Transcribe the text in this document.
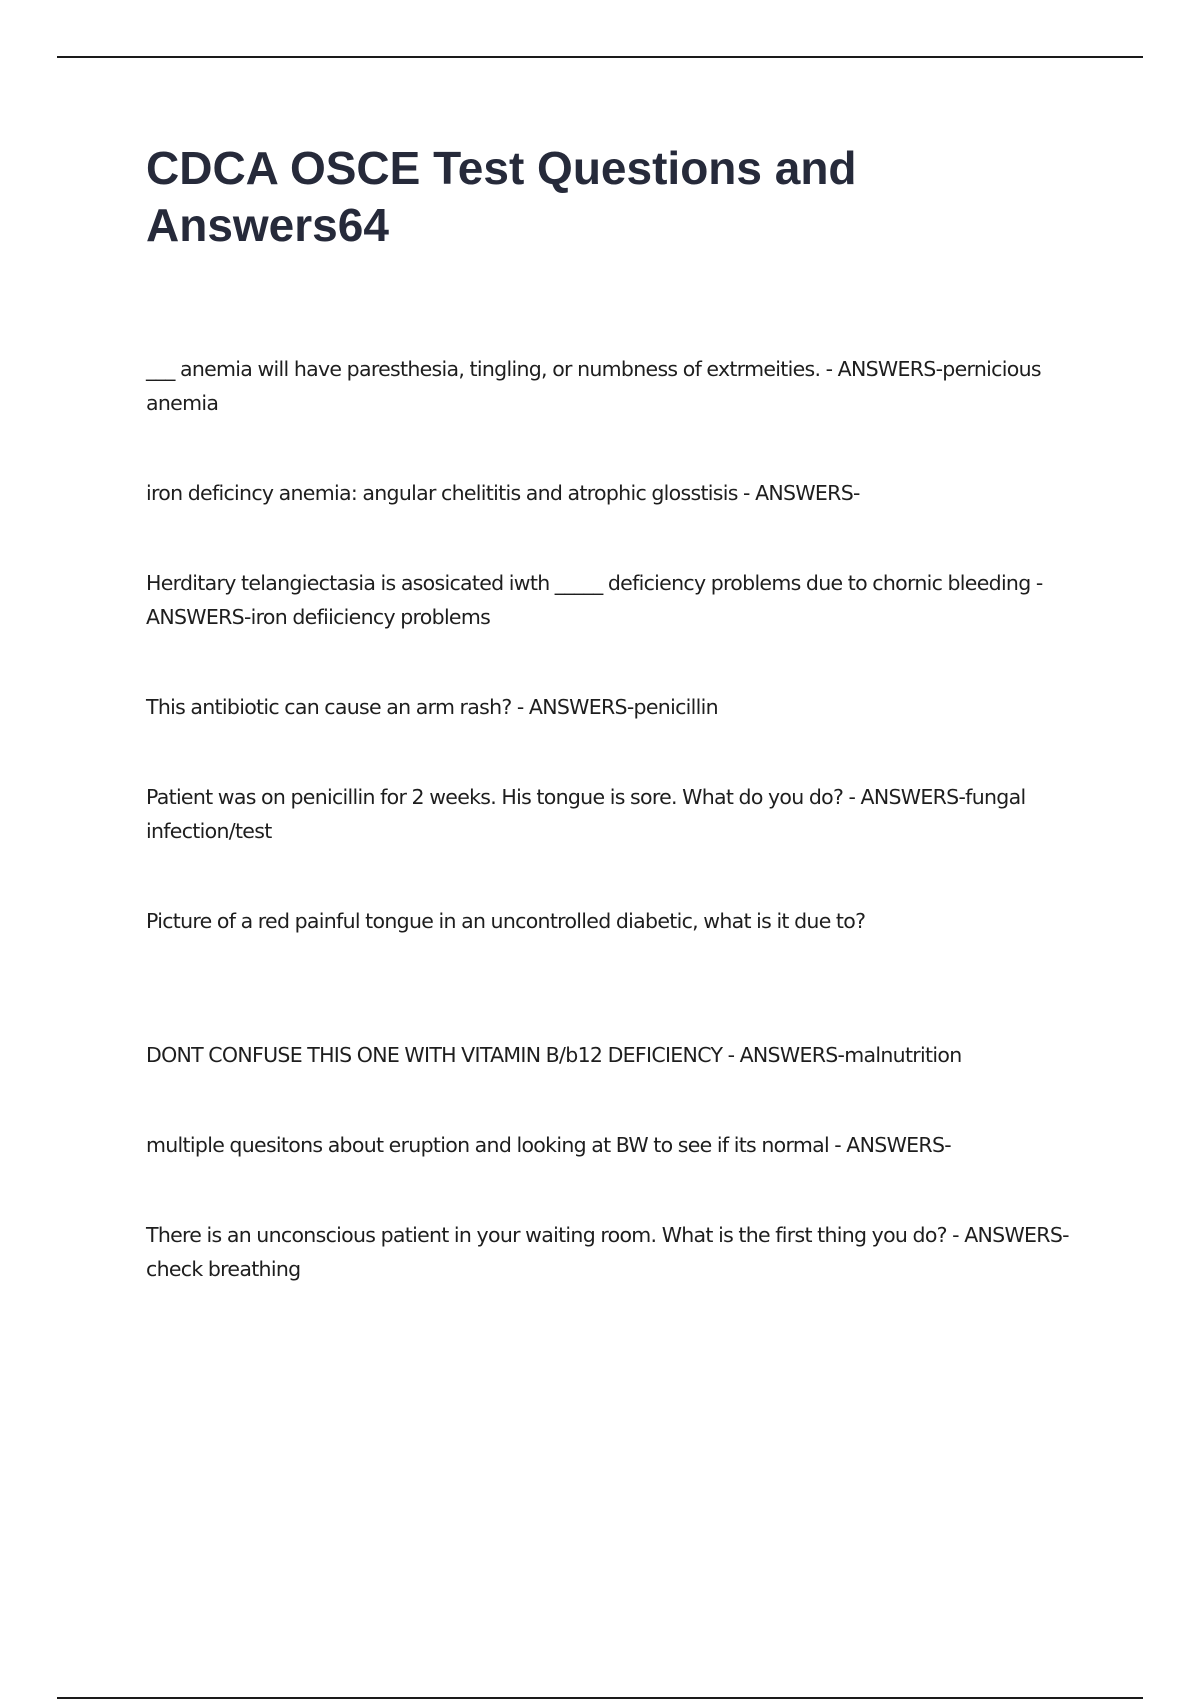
CDCA OSCE Test Questions and Answers64

___ anemia will have paresthesia, tingling, or numbness of extrmeities. - ANSWERS-pernicious anemia

iron deficincy anemia: angular chelititis and atrophic glosstisis - ANSWERS-

Herditary telangiectasia is asosicated iwth _____ deficiency problems due to chornic bleeding - ANSWERS-iron defiiciency problems

This antibiotic can cause an arm rash? - ANSWERS-penicillin

Patient was on penicillin for 2 weeks. His tongue is sore. What do you do? - ANSWERS-fungal infection/test

Picture of a red painful tongue in an uncontrolled diabetic, what is it due to?

DONT CONFUSE THIS ONE WITH VITAMIN B/b12 DEFICIENCY - ANSWERS-malnutrition

multiple quesitons about eruption and looking at BW to see if its normal - ANSWERS-

There is an unconscious patient in your waiting room. What is the first thing you do? - ANSWERS-check breathing
